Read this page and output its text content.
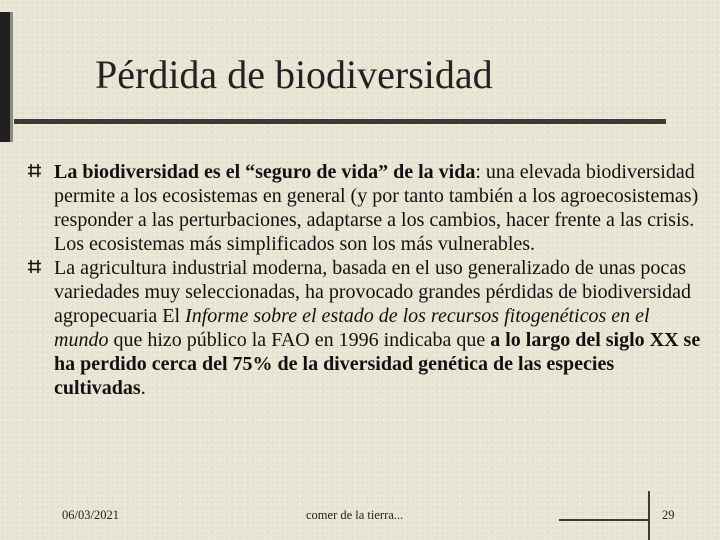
Pérdida de biodiversidad
La biodiversidad es el “seguro de vida” de la vida: una elevada biodiversidad permite a los ecosistemas en general (y por tanto también a los agroecosistemas) responder a las perturbaciones, adaptarse a los cambios, hacer frente a las crisis. Los ecosistemas más simplificados son los más vulnerables.
La agricultura industrial moderna, basada en el uso generalizado de unas pocas variedades muy seleccionadas, ha provocado grandes pérdidas de biodiversidad agropecuaria El Informe sobre el estado de los recursos fitogenéticos en el mundo que hizo público la FAO en 1996 indicaba que a lo largo del siglo XX se ha perdido cerca del 75% de la diversidad genética de las especies cultivadas.
06/03/2021	comer de la tierra...	29
